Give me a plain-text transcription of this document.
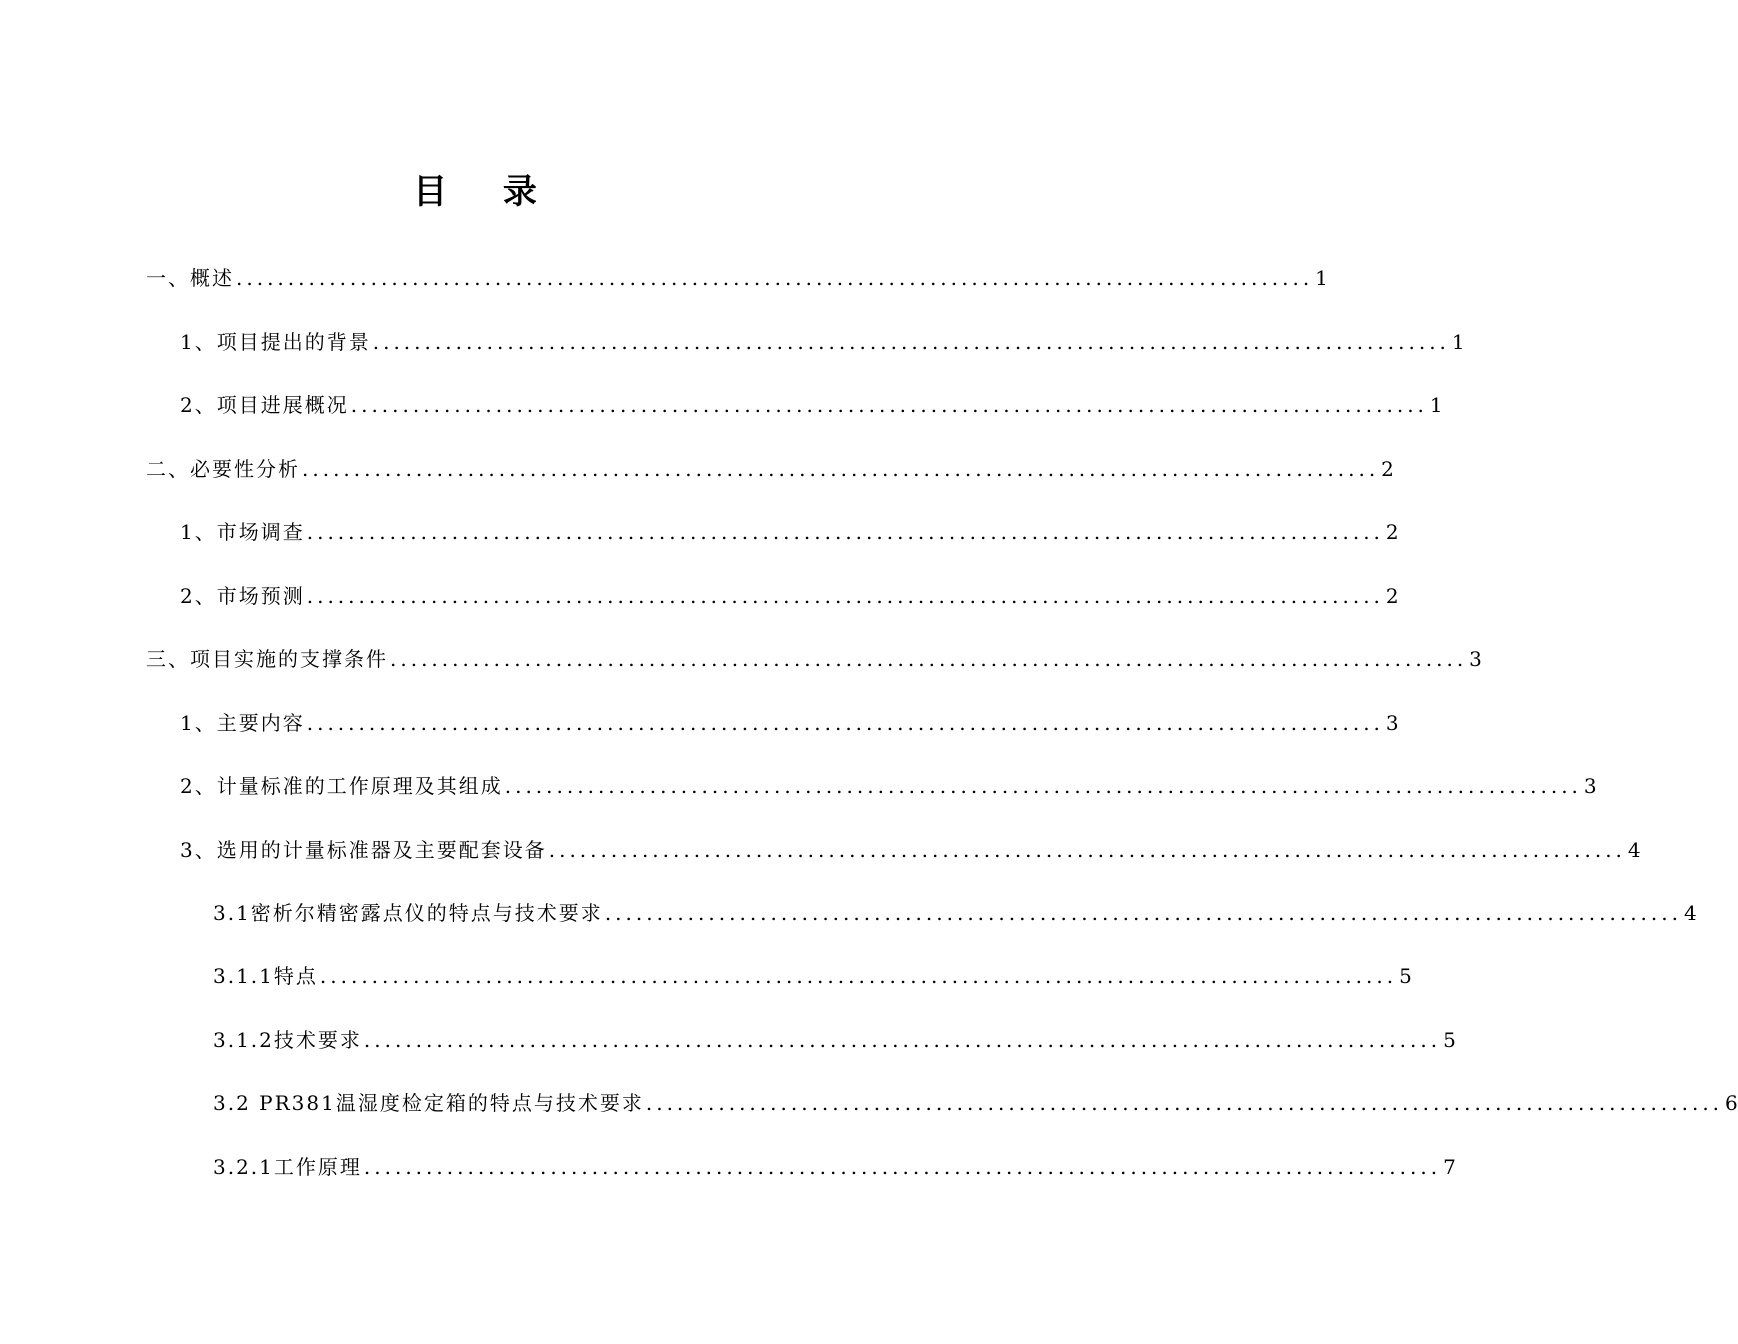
目 录
一、概述 ........................................................................................................ 1
1、项目提出的背景 ........................................................................................................ 1
2、项目进展概况 ........................................................................................................ 1
二、必要性分析 ........................................................................................................ 2
1、市场调查 ........................................................................................................ 2
2、市场预测 ........................................................................................................ 2
三、项目实施的支撑条件 ........................................................................................................ 3
1、主要内容 ........................................................................................................ 3
2、计量标准的工作原理及其组成 ........................................................................................................ 3
3、选用的计量标准器及主要配套设备 ........................................................................................................ 4
3.1密析尔精密露点仪的特点与技术要求 ........................................................................................................ 4
3.1.1特点 ........................................................................................................ 5
3.1.2技术要求 ........................................................................................................ 5
3.2 PR381温湿度检定箱的特点与技术要求 ........................................................................................................ 6
3.2.1工作原理 ........................................................................................................ 7
